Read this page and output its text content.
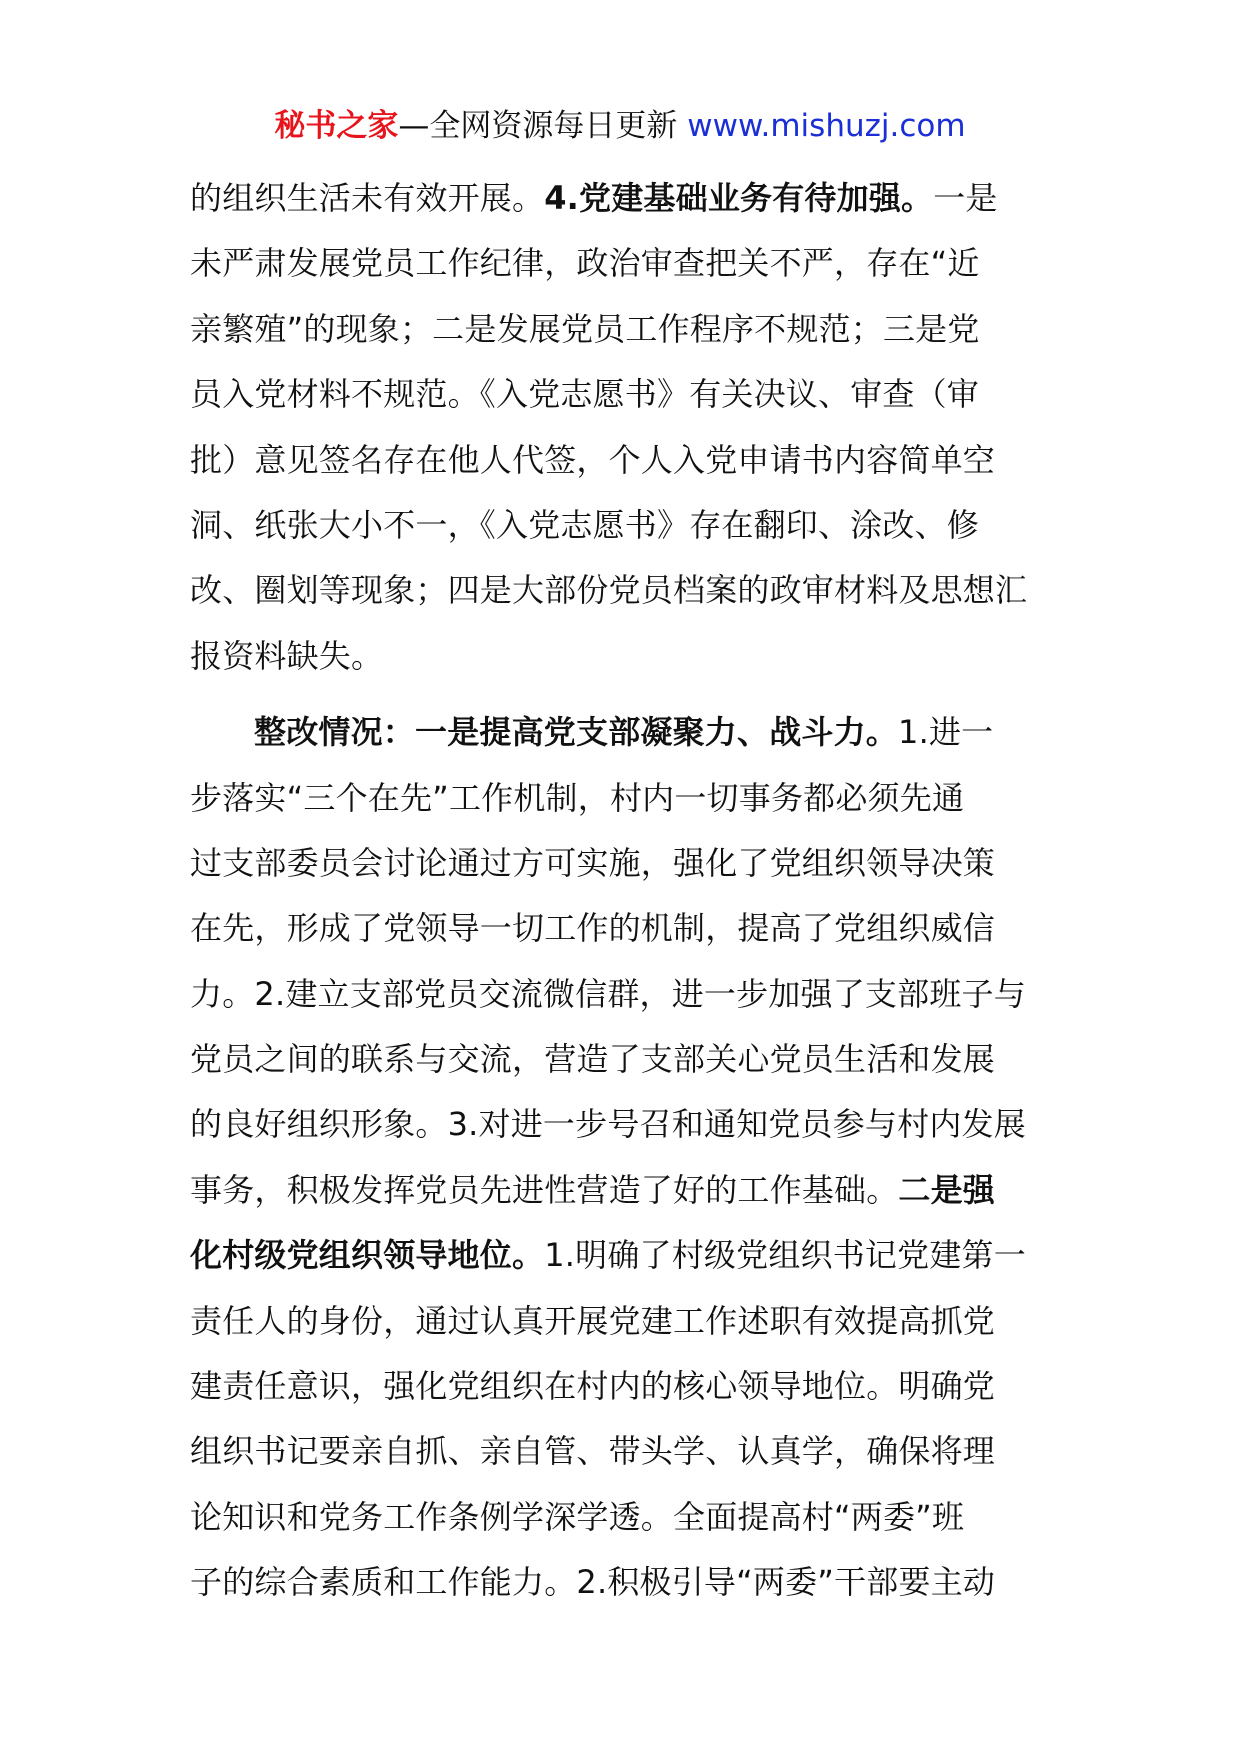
秘书之家—全网资源每日更新 www.mishuzj.com
的组织生活未有效开展。4.党建基础业务有待加强。一是
未严肃发展党员工作纪律，政治审查把关不严，存在“近
亲繁殖”的现象；二是发展党员工作程序不规范；三是党
员入党材料不规范。《入党志愿书》有关决议、审查（审
批）意见签名存在他人代签，个人入党申请书内容简单空
洞、纸张大小不一，《入党志愿书》存在翻印、涂改、修
改、圈划等现象；四是大部份党员档案的政审材料及思想汇
报资料缺失。
整改情况：一是提高党支部凝聚力、战斗力。1.进一
步落实“三个在先”工作机制，村内一切事务都必须先通
过支部委员会讨论通过方可实施，强化了党组织领导决策
在先，形成了党领导一切工作的机制，提高了党组织威信
力。2.建立支部党员交流微信群，进一步加强了支部班子与
党员之间的联系与交流，营造了支部关心党员生活和发展
的良好组织形象。3.对进一步号召和通知党员参与村内发展
事务，积极发挥党员先进性营造了好的工作基础。二是强
化村级党组织领导地位。1.明确了村级党组织书记党建第一
责任人的身份，通过认真开展党建工作述职有效提高抓党
建责任意识，强化党组织在村内的核心领导地位。明确党
组织书记要亲自抓、亲自管、带头学、认真学，确保将理
论知识和党务工作条例学深学透。全面提高村“两委”班
子的综合素质和工作能力。2.积极引导“两委”干部要主动
